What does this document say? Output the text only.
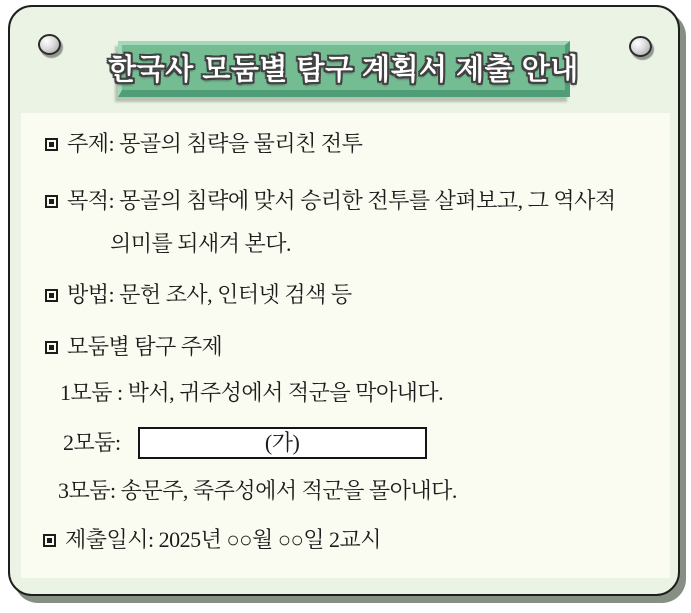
한국사 모둠별 탐구 계획서 제출 안내
주제: 몽골의 침략을 물리친 전투
목적: 몽골의 침략에 맞서 승리한 전투를 살펴보고, 그 역사적
의미를 되새겨 본다.
방법: 문헌 조사, 인터넷 검색 등
모둠별 탐구 주제
1모둠 : 박서, 귀주성에서 적군을 막아내다.
2모둠:	(가)
3모둠: 송문주, 죽주성에서 적군을 몰아내다.
제출일시: 2025년 ○○월 ○○일 2교시
